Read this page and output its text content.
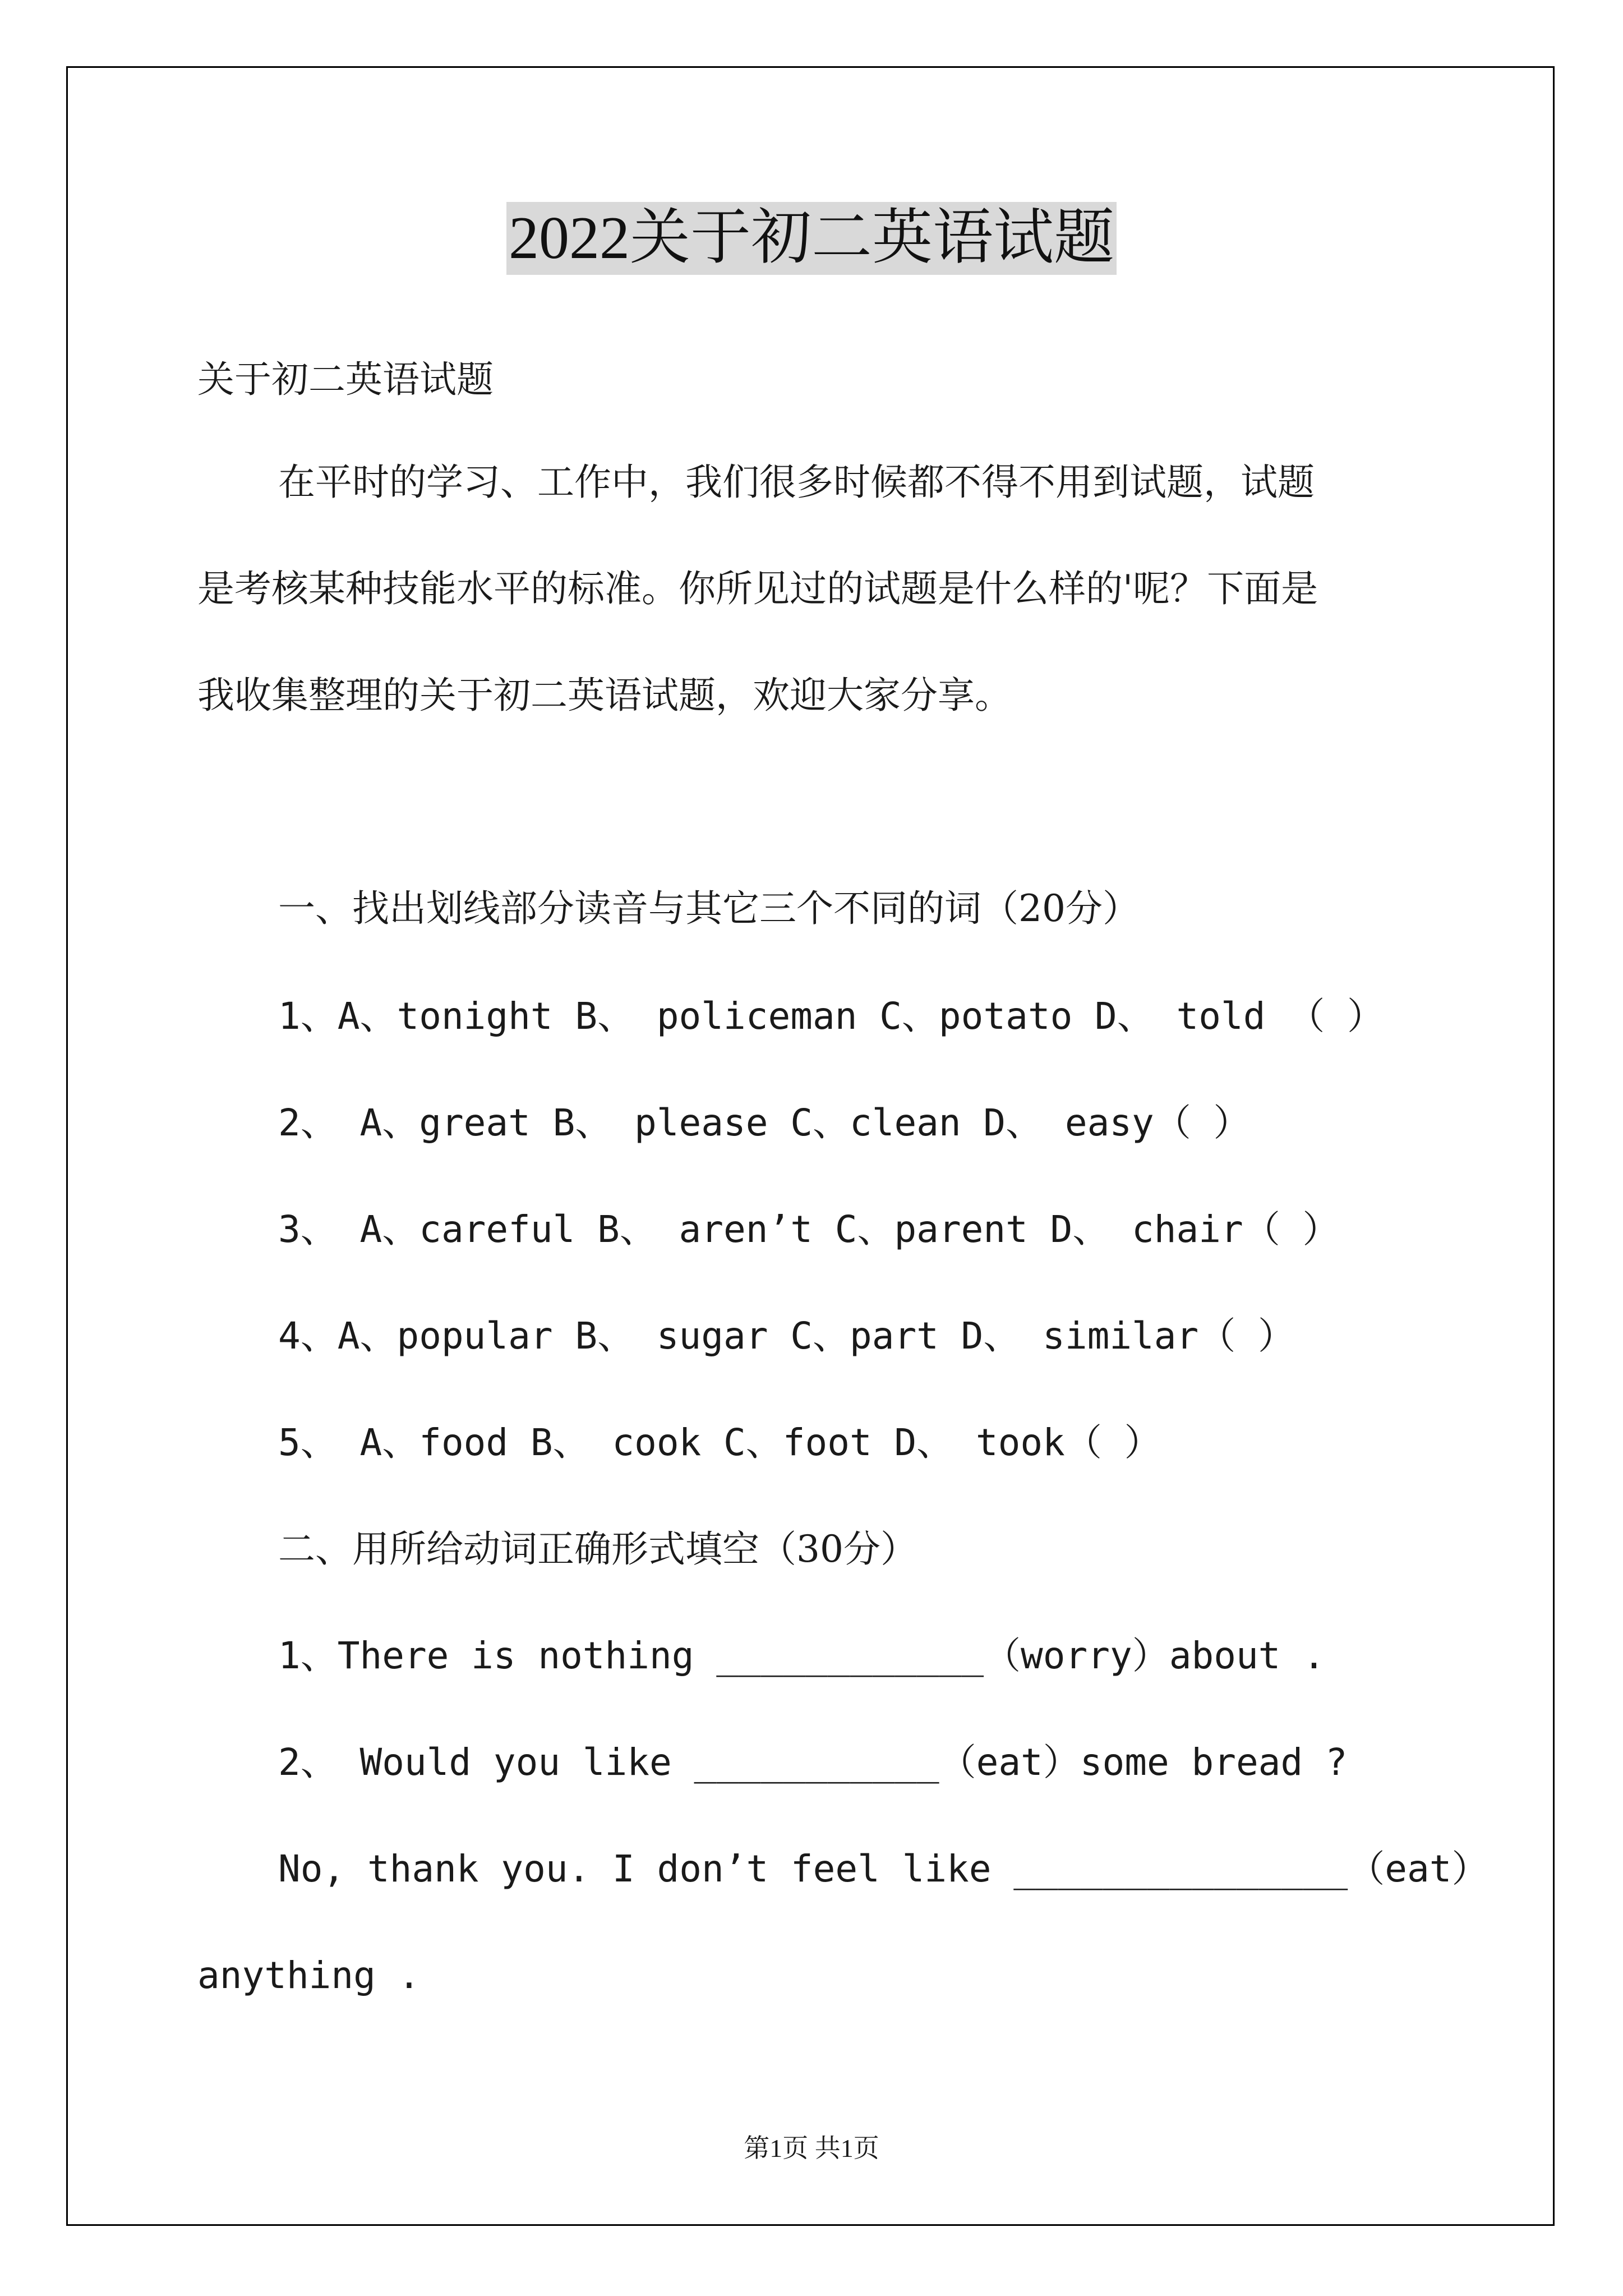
2022关于初二英语试题
关于初二英语试题
在平时的学习、工作中，我们很多时候都不得不用到试题，试题
是考核某种技能水平的标准。你所见过的试题是什么样的'呢？下面是
我收集整理的关于初二英语试题，欢迎大家分享。
一、找出划线部分读音与其它三个不同的词（20分）
1、A、tonight B、 policeman C、potato D、 told （ ）
2、 A、great B、 please C、clean D、 easy（ ）
3、 A、careful B、 aren’t C、parent D、 chair（ ）
4、A、popular B、 sugar C、part D、 similar（ ）
5、 A、food B、 cook C、foot D、 took（ ）
二、用所给动词正确形式填空（30分）
1、There is nothing ____________（worry）about .
2、 Would you like ___________（eat）some bread ?
No, thank you. I don’t feel like _______________（eat）
anything .
第1页 共1页
